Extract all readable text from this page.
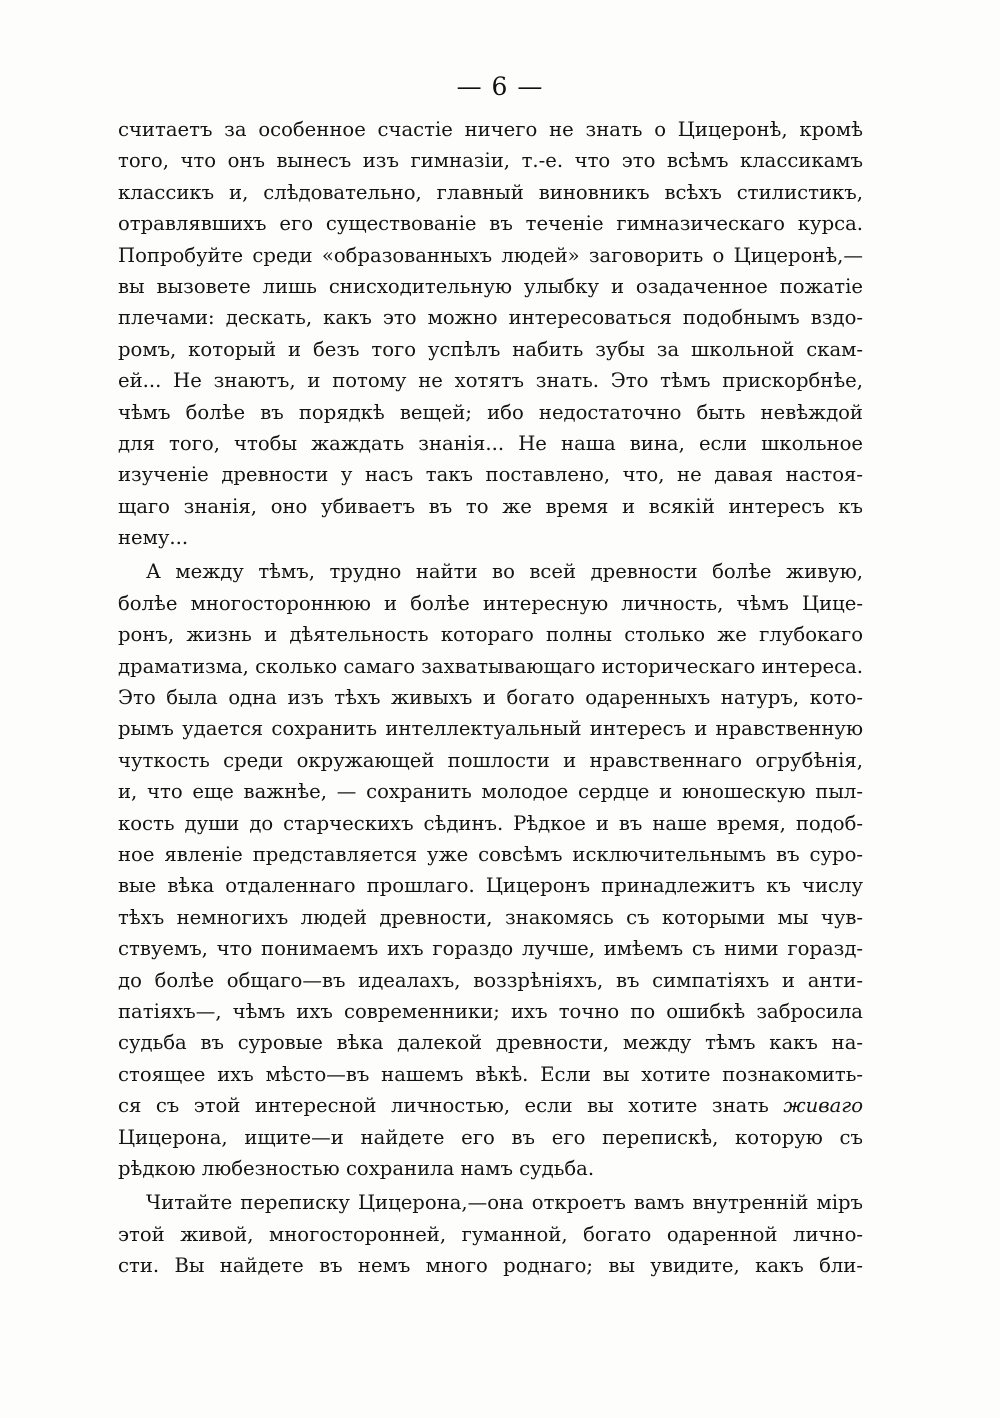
— 6 —
считаетъ за особенное счастіе ничего не знать о Цицеронѣ, кромѣ
того, что онъ вынесъ изъ гимназіи, т.-е. что это всѣмъ классикамъ
классикъ и, слѣдовательно, главный виновникъ всѣхъ стилистикъ,
отравлявшихъ его существованіе въ теченіе гимназическаго курса.
Попробуйте среди «образованныхъ людей» заговорить о Цицеронѣ,—
вы вызовете лишь снисходительную улыбку и озадаченное пожатіе
плечами: дескать, какъ это можно интересоваться подобнымъ вздо-
ромъ, который и безъ того успѣлъ набить зубы за школьной скам-
ей... Не знаютъ, и потому не хотятъ знать. Это тѣмъ прискорбнѣе,
чѣмъ болѣе въ порядкѣ вещей; ибо недостаточно быть невѣждой
для того, чтобы жаждать знанія... Не наша вина, если школьное
изученіе древности у насъ такъ поставлено, что, не давая настоя-
щаго знанія, оно убиваетъ въ то же время и всякій интересъ къ
нему...
А между тѣмъ, трудно найти во всей древности болѣе живую,
болѣе многостороннюю и болѣе интересную личность, чѣмъ Цице-
ронъ, жизнь и дѣятельность котораго полны столько же глубокаго
драматизма, сколько самаго захватывающаго историческаго интереса.
Это была одна изъ тѣхъ живыхъ и богато одаренныхъ натуръ, кото-
рымъ удается сохранить интеллектуальный интересъ и нравственную
чуткость среди окружающей пошлости и нравственнаго огрубѣнія,
и, что еще важнѣе, — сохранить молодое сердце и юношескую пыл-
кость души до старческихъ сѣдинъ. Рѣдкое и въ наше время, подоб-
ное явленіе представляется уже совсѣмъ исключительнымъ въ суро-
вые вѣка отдаленнаго прошлаго. Цицеронъ принадлежитъ къ числу
тѣхъ немногихъ людей древности, знакомясь съ которыми мы чув-
ствуемъ, что понимаемъ ихъ гораздо лучше, имѣемъ съ ними горазд-
до болѣе общаго—въ идеалахъ, воззрѣніяхъ, въ симпатіяхъ и анти-
патіяхъ—, чѣмъ ихъ современники; ихъ точно по ошибкѣ забросила
судьба въ суровые вѣка далекой древности, между тѣмъ какъ на-
стоящее ихъ мѣсто—въ нашемъ вѣкѣ. Если вы хотите познакомить-
ся съ этой интересной личностью, если вы хотите знать живаго
Цицерона, ищите—и найдете его въ его перепискѣ, которую съ
рѣдкою любезностью сохранила намъ судьба.
Читайте переписку Цицерона,—она откроетъ вамъ внутренній міръ
этой живой, многосторонней, гуманной, богато одаренной лично-
сти. Вы найдете въ немъ много роднаго; вы увидите, какъ бли-
